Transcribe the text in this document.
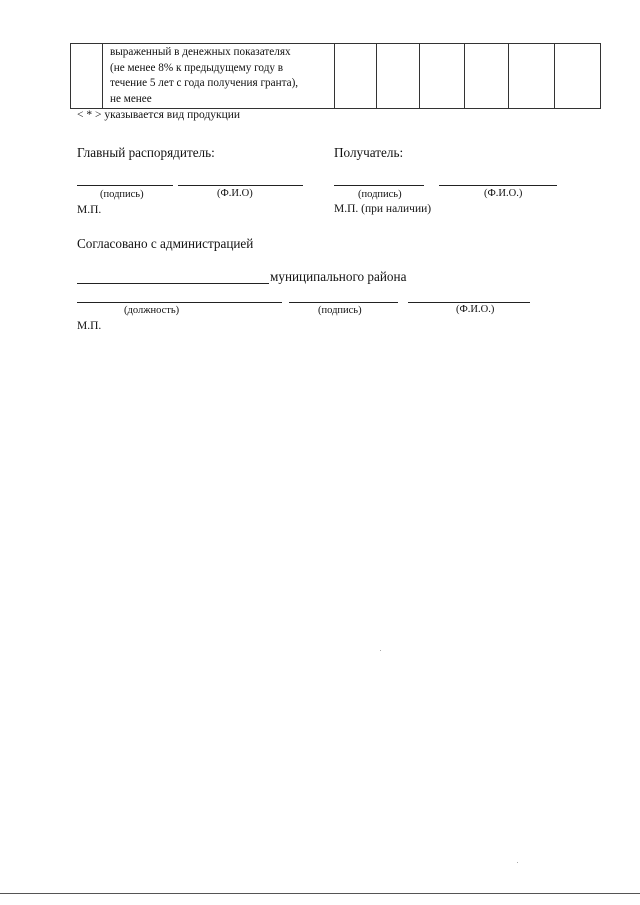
выраженный в денежных показателях
(не менее 8% к предыдущему году в
течение 5 лет с года получения гранта),
не менее

< * > указывается вид продукции
Главный распорядитель:
(подпись)	(Ф.И.О)
М.П.
Получатель:
(подпись)	(Ф.И.О.)
М.П. (при наличии)
Согласовано с администрацией
муниципального района
(должность)	(подпись)	(Ф.И.О.)
М.П.
